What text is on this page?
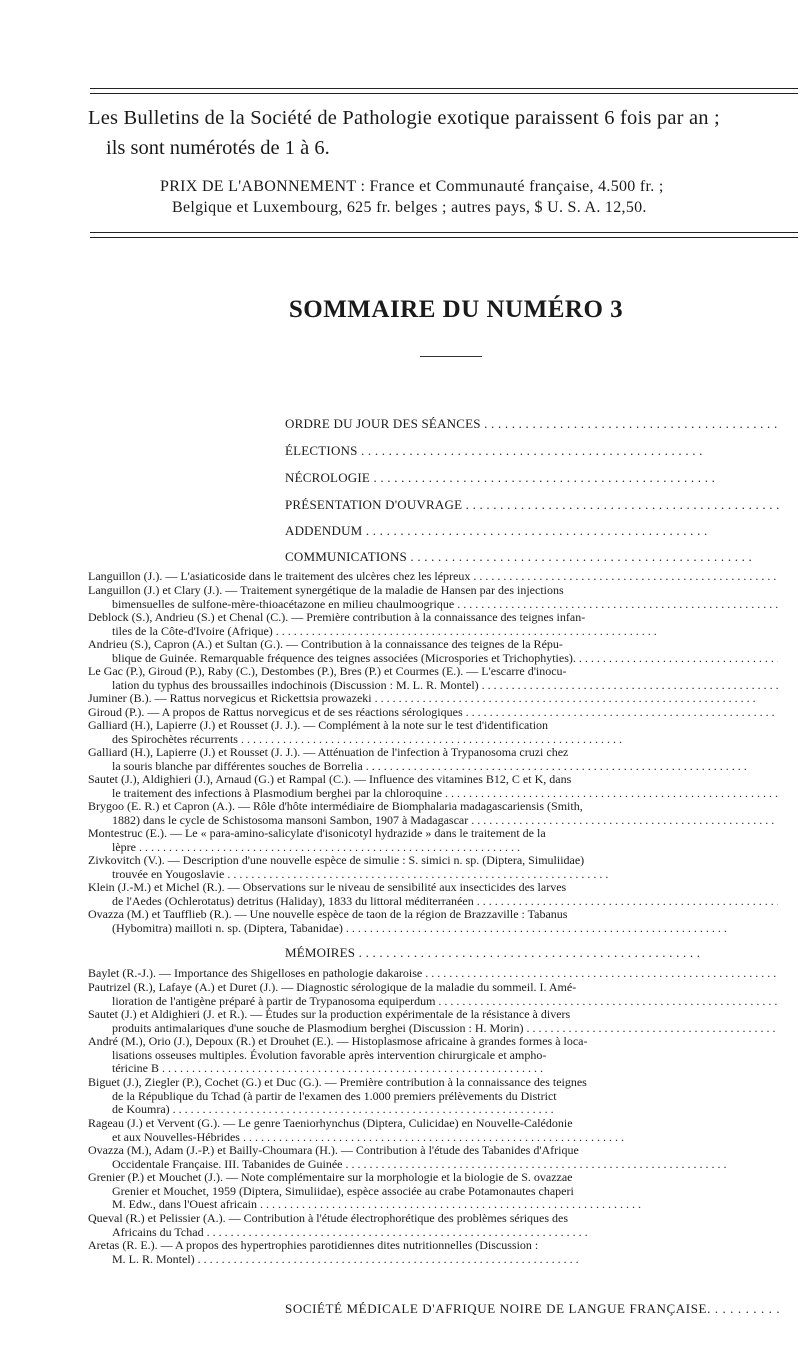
Les Bulletins de la Société de Pathologie exotique paraissent 6 fois par an ;
ils sont numérotés de 1 à 6.
PRIX DE L'ABONNEMENT : France et Communauté française, 4.500 fr. ;
Belgique et Luxembourg, 625 fr. belges ; autres pays, $ U. S. A. 12,50.
SOMMAIRE DU NUMÉRO 3
ORDRE DU JOUR DES SÉANCES . . .
ÉLECTIONS . . .
NÉCROLOGIE . . .
PRÉSENTATION D'OUVRAGE . . .
ADDENDUM . . .
COMMUNICATIONS . . .
Languillon (J.). — L'asiaticoside dans le traitement des ulcères chez les lépreux . . .
Languillon (J.) et Clary (J.). — Traitement synergétique de la maladie de Hansen par des injections
bimensuelles de sulfone-mère-thioacétazone en milieu chaulmoogrique . . .
Deblock (S.), Andrieu (S.) et Chenal (C.). — Première contribution à la connaissance des teignes infan-
tiles de la Côte-d'Ivoire (Afrique) . . .
Andrieu (S.), Capron (A.) et Sultan (G.). — Contribution à la connaissance des teignes de la Répu-
blique de Guinée. Remarquable fréquence des teignes associées (Microspories et Trichophyties). . . .
Le Gac (P.), Giroud (P.), Raby (C.), Destombes (P.), Bres (P.) et Courmes (E.). — L'escarre d'inocu-
lation du typhus des broussailles indochinois (Discussion : M. L. R. Montel) . . .
Juminer (B.). — Rattus norvegicus et Rickettsia prowazeki . . .
Giroud (P.). — A propos de Rattus norvegicus et de ses réactions sérologiques . . .
Galliard (H.), Lapierre (J.) et Rousset (J. J.). — Complément à la note sur le test d'identification
des Spirochètes récurrents . . .
Galliard (H.), Lapierre (J.) et Rousset (J. J.). — Atténuation de l'infection à Trypanosoma cruzi chez
la souris blanche par différentes souches de Borrelia . . .
Sautet (J.), Aldighieri (J.), Arnaud (G.) et Rampal (C.). — Influence des vitamines B12, C et K, dans
le traitement des infections à Plasmodium berghei par la chloroquine . . .
Brygoo (E. R.) et Capron (A.). — Rôle d'hôte intermédiaire de Biomphalaria madagascariensis (Smith,
1882) dans le cycle de Schistosoma mansoni Sambon, 1907 à Madagascar . . .
Montestruc (E.). — Le « para-amino-salicylate d'isonicotyl hydrazide » dans le traitement de la
lèpre . . .
Zivkovitch (V.). — Description d'une nouvelle espèce de simulie : S. simici n. sp. (Diptera, Simuliidae)
trouvée en Yougoslavie . . .
Klein (J.-M.) et Michel (R.). — Observations sur le niveau de sensibilité aux insecticides des larves
de l'Aedes (Ochlerotatus) detritus (Haliday), 1833 du littoral méditerranéen . . .
Ovazza (M.) et Taufflieb (R.). — Une nouvelle espèce de taon de la région de Brazzaville : Tabanus
(Hybomitra) mailloti n. sp. (Diptera, Tabanidae) . . .
MÉMOIRES . . .
Baylet (R.-J.). — Importance des Shigelloses en pathologie dakaroise . . .
Pautrizel (R.), Lafaye (A.) et Duret (J.). — Diagnostic sérologique de la maladie du sommeil. I. Amé-
lioration de l'antigène préparé à partir de Trypanosoma equiperdum . . .
Sautet (J.) et Aldighieri (J. et R.). — Études sur la production expérimentale de la résistance à divers
produits antimalariques d'une souche de Plasmodium berghei (Discussion : H. Morin) . . .
André (M.), Orio (J.), Depoux (R.) et Drouhet (E.). — Histoplasmose africaine à grandes formes à loca-
lisations osseuses multiples. Évolution favorable après intervention chirurgicale et ampho-
téricine B . . .
Biguet (J.), Ziegler (P.), Cochet (G.) et Duc (G.). — Première contribution à la connaissance des teignes
de la République du Tchad (à partir de l'examen des 1.000 premiers prélèvements du District
de Koumra) . . .
Rageau (J.) et Vervent (G.). — Le genre Taeniorhynchus (Diptera, Culicidae) en Nouvelle-Calédonie
et aux Nouvelles-Hébrides . . .
Ovazza (M.), Adam (J.-P.) et Bailly-Choumara (H.). — Contribution à l'étude des Tabanides d'Afrique
Occidentale Française. III. Tabanides de Guinée . . .
Grenier (P.) et Mouchet (J.). — Note complémentaire sur la morphologie et la biologie de S. ovazzae
Grenier et Mouchet, 1959 (Diptera, Simuliidae), espèce associée au crabe Potamonautes chaperi
M. Edw., dans l'Ouest africain . . .
Queval (R.) et Pelissier (A.). — Contribution à l'étude électrophorétique des problèmes sériques des
Africains du Tchad . . .
Aretas (R. E.). — A propos des hypertrophies parotidiennes dites nutritionnelles (Discussion :
M. L. R. Montel) . . .
SOCIÉTÉ MÉDICALE D'AFRIQUE NOIRE DE LANGUE FRANÇAISE. . . .
